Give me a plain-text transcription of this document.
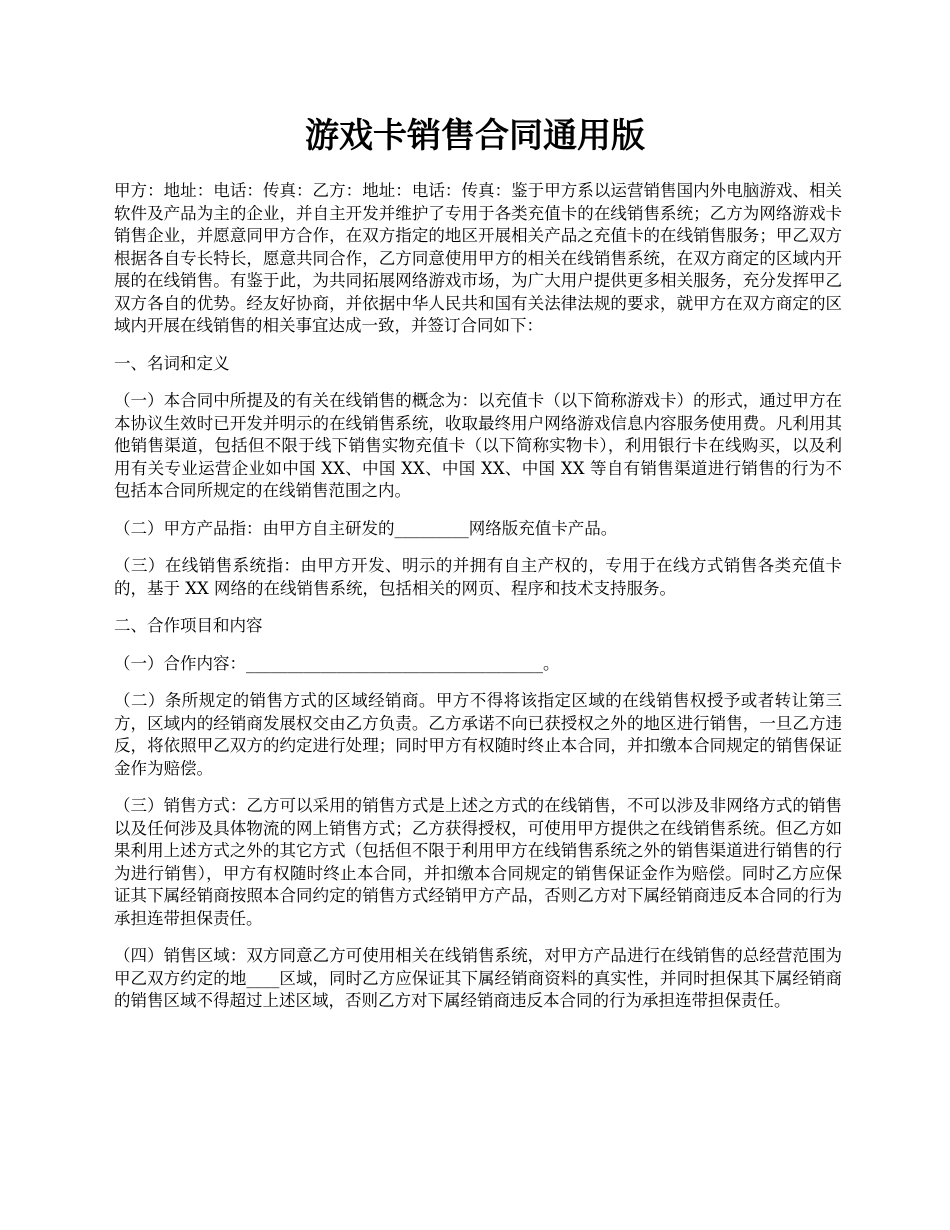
游戏卡销售合同通用版

甲方：地址：电话：传真：乙方：地址：电话：传真：鉴于甲方系以运营销售国内外电脑游戏、相关软件及产品为主的企业，并自主开发并维护了专用于各类充值卡的在线销售系统；乙方为网络游戏卡销售企业，并愿意同甲方合作，在双方指定的地区开展相关产品之充值卡的在线销售服务；甲乙双方根据各自专长特长，愿意共同合作，乙方同意使用甲方的相关在线销售系统，在双方商定的区域内开展的在线销售。有鉴于此，为共同拓展网络游戏市场，为广大用户提供更多相关服务，充分发挥甲乙双方各自的优势。经友好协商，并依据中华人民共和国有关法律法规的要求，就甲方在双方商定的区域内开展在线销售的相关事宜达成一致，并签订合同如下：

一、名词和定义

（一）本合同中所提及的有关在线销售的概念为：以充值卡（以下简称游戏卡）的形式，通过甲方在本协议生效时已开发并明示的在线销售系统，收取最终用户网络游戏信息内容服务使用费。凡利用其他销售渠道，包括但不限于线下销售实物充值卡（以下简称实物卡），利用银行卡在线购买，以及利用有关专业运营企业如中国 XX、中国 XX、中国 XX、中国 XX 等自有销售渠道进行销售的行为不包括本合同所规定的在线销售范围之内。

（二）甲方产品指：由甲方自主研发的_________网络版充值卡产品。

（三）在线销售系统指：由甲方开发、明示的并拥有自主产权的，专用于在线方式销售各类充值卡的，基于 XX 网络的在线销售系统，包括相关的网页、程序和技术支持服务。

二、合作项目和内容

（一）合作内容：____________________________________。

（二）条所规定的销售方式的区域经销商。甲方不得将该指定区域的在线销售权授予或者转让第三方，区域内的经销商发展权交由乙方负责。乙方承诺不向已获授权之外的地区进行销售，一旦乙方违反，将依照甲乙双方的约定进行处理；同时甲方有权随时终止本合同，并扣缴本合同规定的销售保证金作为赔偿。

（三）销售方式：乙方可以采用的销售方式是上述之方式的在线销售，不可以涉及非网络方式的销售以及任何涉及具体物流的网上销售方式；乙方获得授权，可使用甲方提供之在线销售系统。但乙方如果利用上述方式之外的其它方式（包括但不限于利用甲方在线销售系统之外的销售渠道进行销售的行为进行销售），甲方有权随时终止本合同，并扣缴本合同规定的销售保证金作为赔偿。同时乙方应保证其下属经销商按照本合同约定的销售方式经销甲方产品，否则乙方对下属经销商违反本合同的行为承担连带担保责任。

（四）销售区域：双方同意乙方可使用相关在线销售系统，对甲方产品进行在线销售的总经营范围为甲乙双方约定的地____区域，同时乙方应保证其下属经销商资料的真实性，并同时担保其下属经销商的销售区域不得超过上述区域，否则乙方对下属经销商违反本合同的行为承担连带担保责任。
